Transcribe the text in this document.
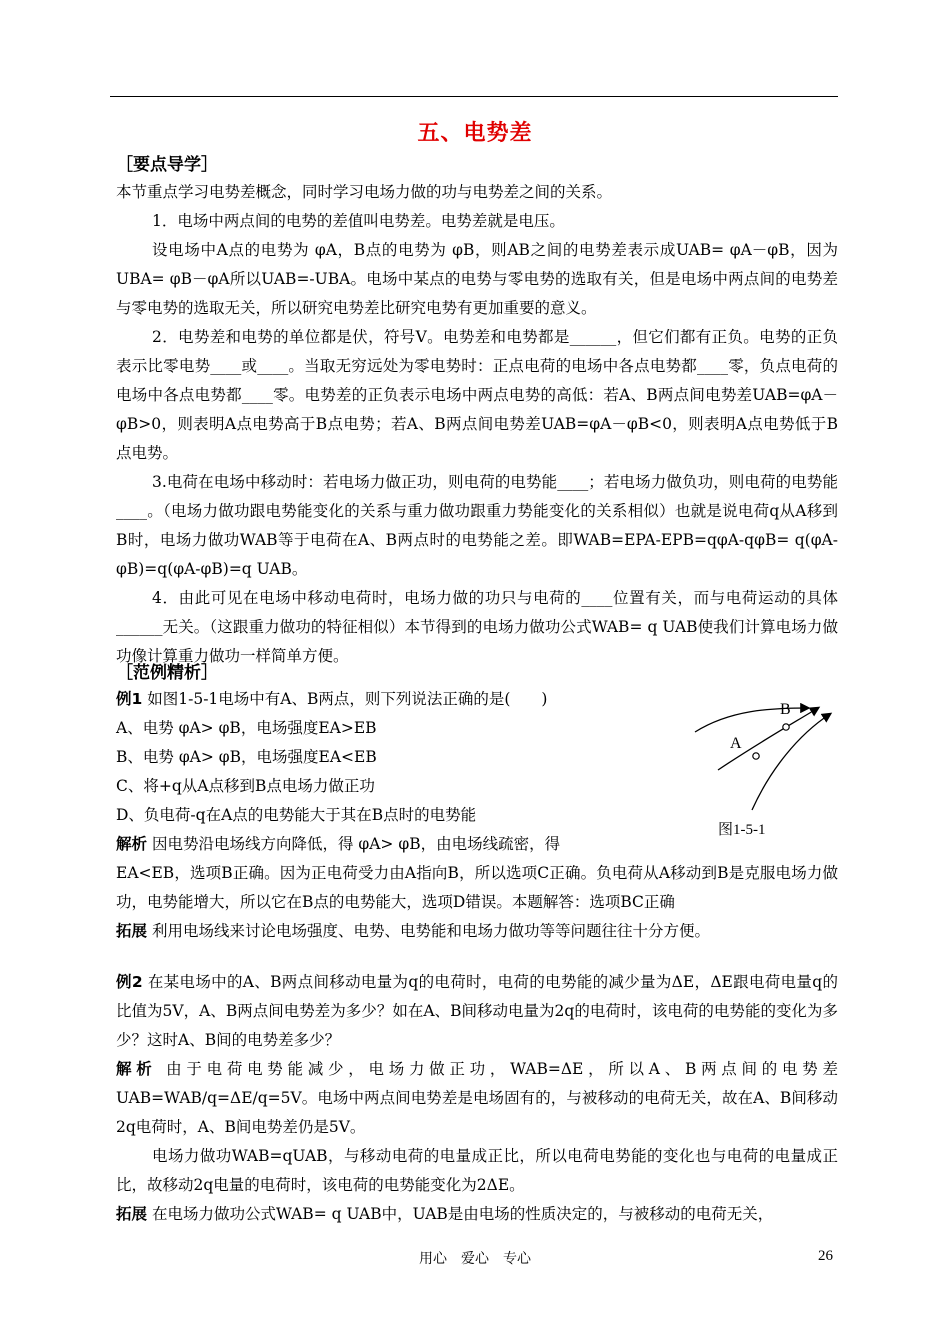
五、电势差
［要点导学］

本节重点学习电势差概念，同时学习电场力做的功与电势差之间的关系。

1．电场中两点间的电势的差值叫电势差。电势差就是电压。

设电场中A点的电势为 φA，B点的电势为 φB，则AB之间的电势差表示成UAB= φA－φB，因为UBA= φB－φA所以UAB=-UBA。电场中某点的电势与零电势的选取有关，但是电场中两点间的电势差与零电势的选取无关，所以研究电势差比研究电势有更加重要的意义。

2．电势差和电势的单位都是伏，符号V。电势差和电势都是______，但它们都有正负。电势的正负表示比零电势____或____。当取无穷远处为零电势时：正点电荷的电场中各点电势都____零，负点电荷的电场中各点电势都____零。电势差的正负表示电场中两点电势的高低：若A、B两点间电势差UAB=φA－φB>0，则表明A点电势高于B点电势；若A、B两点间电势差UAB=φA－φB<0，则表明A点电势低于B点电势。

3.电荷在电场中移动时：若电场力做正功，则电荷的电势能____；若电场力做负功，则电荷的电势能____。（电场力做功跟电势能变化的关系与重力做功跟重力势能变化的关系相似）也就是说电荷q从A移到B时，电场力做功WAB等于电荷在A、B两点时的电势能之差。即WAB=EPA-EPB=qφA-qφB= q(φA-φB)=q(φA-φB)=q UAB。

4．由此可见在电场中移动电荷时，电场力做的功只与电荷的____位置有关，而与电荷运动的具体______无关。（这跟重力做功的特征相似）本节得到的电场力做功公式WAB= q UAB使我们计算电场力做功像计算重力做功一样简单方便。

［范例精析］

例1 如图1-5-1电场中有A、B两点，则下列说法正确的是(　　)

A、电势 φA> φB，电场强度EA>EB

B、电势 φA> φB，电场强度EA<EB

C、将+q从A点移到B点电场力做正功

D、负电荷-q在A点的电势能大于其在B点时的电势能

解析 因电势沿电场线方向降低，得 φA> φB，由电场线疏密，得

EA<EB，选项B正确。因为正电荷受力由A指向B，所以选项C正确。负电荷从A移动到B是克服电场力做功，电势能增大，所以它在B点的电势能大，选项D错误。本题解答：选项BC正确

拓展 利用电场线来讨论电场强度、电势、电势能和电场力做功等等问题往往十分方便。

A
B
图1-5-1

例2 在某电场中的A、B两点间移动电量为q的电荷时，电荷的电势能的减少量为ΔE，ΔE跟电荷电量q的比值为5V，A、B两点间电势差为多少？如在A、B间移动电量为2q的电荷时，该电荷的电势能的变化为多少？这时A、B间的电势差多少？

解析 由于电荷电势能减少，电场力做正功，WAB=ΔE，所以A、B两点间的电势差UAB=WAB/q=ΔE/q=5V。电场中两点间电势差是电场固有的，与被移动的电荷无关，故在A、B间移动2q电荷时，A、B间电势差仍是5V。

电场力做功WAB=qUAB，与移动电荷的电量成正比，所以电荷电势能的变化也与电荷的电量成正比，故移动2q电量的电荷时，该电荷的电势能变化为2ΔE。

拓展 在电场力做功公式WAB= q UAB中，UAB是由电场的性质决定的，与被移动的电荷无关，

用心　爱心　专心	26
